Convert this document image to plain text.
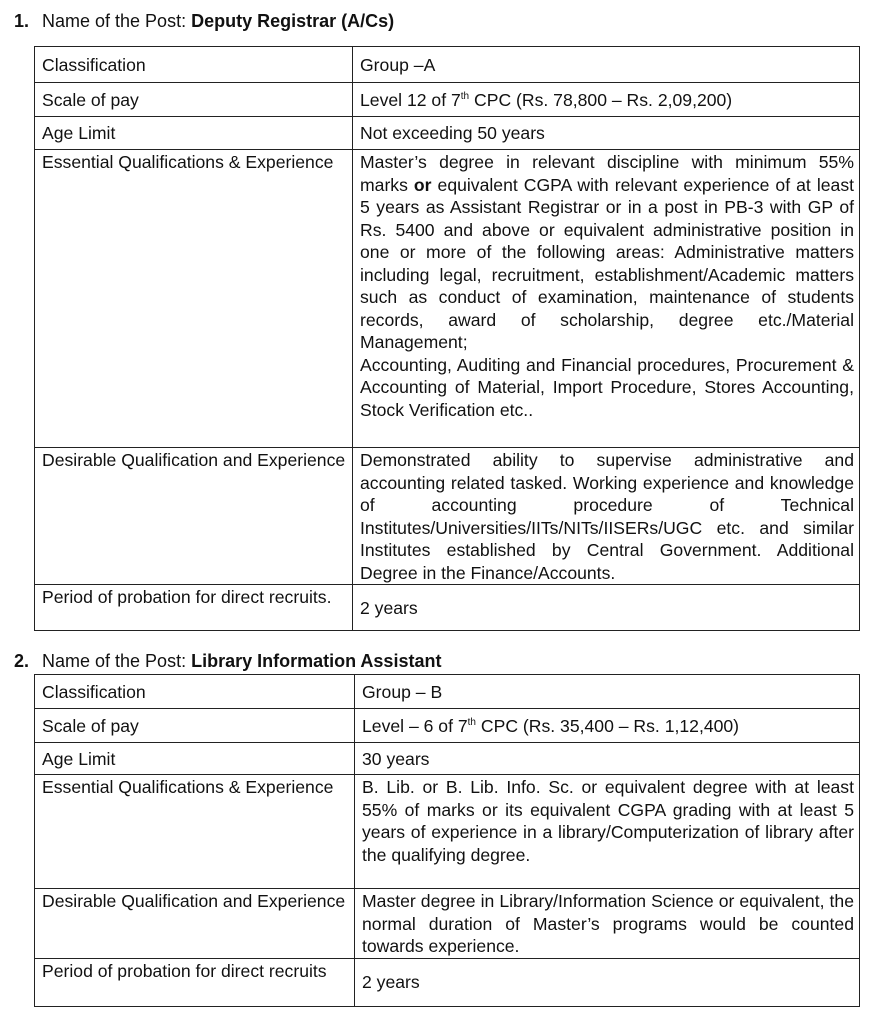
1. Name of the Post: Deputy Registrar (A/Cs)
Classification	Group –A
Scale of pay	Level 12 of 7th CPC (Rs. 78,800 – Rs. 2,09,200)
Age Limit	Not exceeding 50 years
Essential Qualifications & Experience	Master’s degree in relevant discipline with minimum 55% marks or equivalent CGPA with relevant experience of at least 5 years as Assistant Registrar or in a post in PB-3 with GP of Rs. 5400 and above or equivalent administrative position in one or more of the following areas: Administrative matters including legal, recruitment, establishment/Academic matters such as conduct of examination, maintenance of students records, award of scholarship, degree etc./Material Management;
Accounting, Auditing and Financial procedures, Procurement & Accounting of Material, Import Procedure, Stores Accounting, Stock Verification etc..

Desirable Qualification and Experience	Demonstrated ability to supervise administrative and accounting related tasked. Working experience and knowledge of accounting procedure of Technical Institutes/Universities/IITs/NITs/IISERs/UGC etc. and similar Institutes established by Central Government. Additional Degree in the Finance/Accounts.
Period of probation for direct recruits.	2 years
2. Name of the Post: Library Information Assistant
Classification	Group – B
Scale of pay	Level – 6 of 7th CPC (Rs. 35,400 – Rs. 1,12,400)
Age Limit	30 years
Essential Qualifications & Experience	B. Lib. or B. Lib. Info. Sc. or equivalent degree with at least 55% of marks or its equivalent CGPA grading with at least 5 years of experience in a library/Computerization of library after the qualifying degree.
Desirable Qualification and Experience	Master degree in Library/Information Science or equivalent, the normal duration of Master’s programs would be counted towards experience.
Period of probation for direct recruits	2 years
